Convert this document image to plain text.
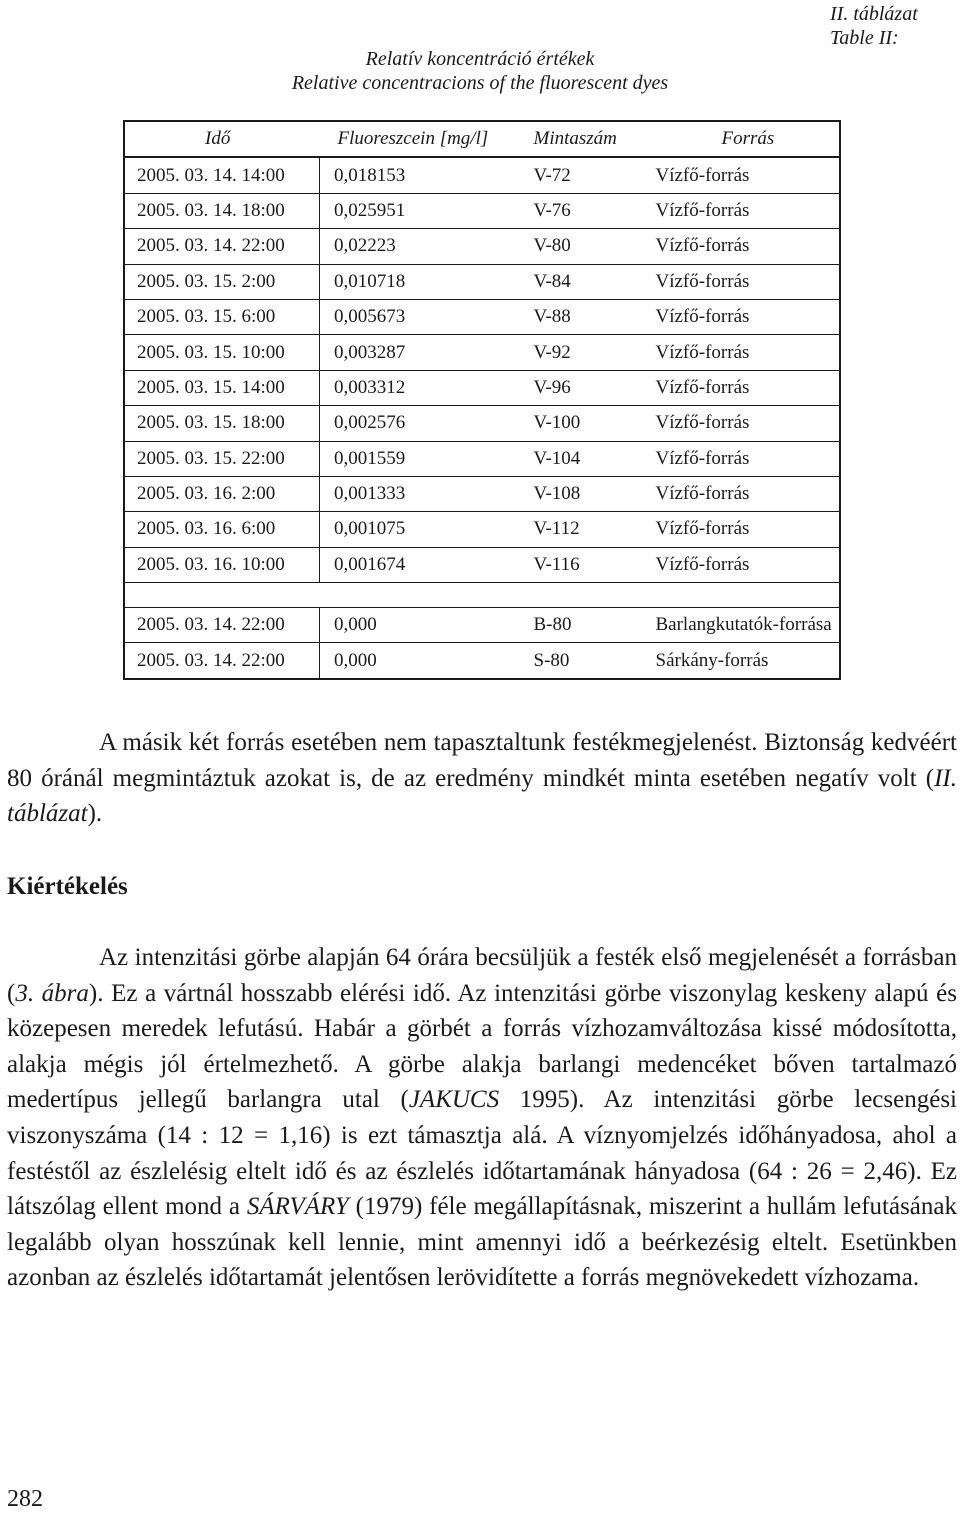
II. táblázat
Table II:
Relatív koncentráció értékek
Relative concentracions of the fluorescent dyes
Idő	Fluoreszcein [mg/l]	Mintaszám	Forrás
2005. 03. 14. 14:00	0,018153	V-72	Vízfő-forrás
2005. 03. 14. 18:00	0,025951	V-76	Vízfő-forrás
2005. 03. 14. 22:00	0,02223	V-80	Vízfő-forrás
2005. 03. 15. 2:00	0,010718	V-84	Vízfő-forrás
2005. 03. 15. 6:00	0,005673	V-88	Vízfő-forrás
2005. 03. 15. 10:00	0,003287	V-92	Vízfő-forrás
2005. 03. 15. 14:00	0,003312	V-96	Vízfő-forrás
2005. 03. 15. 18:00	0,002576	V-100	Vízfő-forrás
2005. 03. 15. 22:00	0,001559	V-104	Vízfő-forrás
2005. 03. 16. 2:00	0,001333	V-108	Vízfő-forrás
2005. 03. 16. 6:00	0,001075	V-112	Vízfő-forrás
2005. 03. 16. 10:00	0,001674	V-116	Vízfő-forrás

2005. 03. 14. 22:00	0,000	B-80	Barlangkutatók-forrása
2005. 03. 14. 22:00	0,000	S-80	Sárkány-forrás

A másik két forrás esetében nem tapasztaltunk festékmegjelenést. Biztonság kedvéért 80 óránál megmintáztuk azokat is, de az eredmény mindkét minta esetében negatív volt (II. táblázat).

Kiértékelés

Az intenzitási görbe alapján 64 órára becsüljük a festék első megjelenését a forrásban (3. ábra). Ez a vártnál hosszabb elérési idő. Az intenzitási görbe viszonylag keskeny alapú és közepesen meredek lefutású. Habár a görbét a forrás vízhozamváltozása kissé módosította, alakja mégis jól értelmezhető. A görbe alakja barlangi medencéket bőven tartalmazó medertípus jellegű barlangra utal (JAKUCS 1995). Az intenzitási görbe lecsengési viszonyszáma (14 : 12 = 1,16) is ezt támasztja alá. A víznyomjelzés időhányadosa, ahol a festéstől az észlelésig eltelt idő és az észlelés időtartamának hányadosa (64 : 26 = 2,46). Ez látszólag ellent mond a SÁRVÁRY (1979) féle megállapításnak, miszerint a hullám lefutásának legalább olyan hosszúnak kell lennie, mint amennyi idő a beérkezésig eltelt. Esetünkben azonban az észlelés időtartamát jelentősen lerövidítette a forrás megnövekedett vízhozama.

282
